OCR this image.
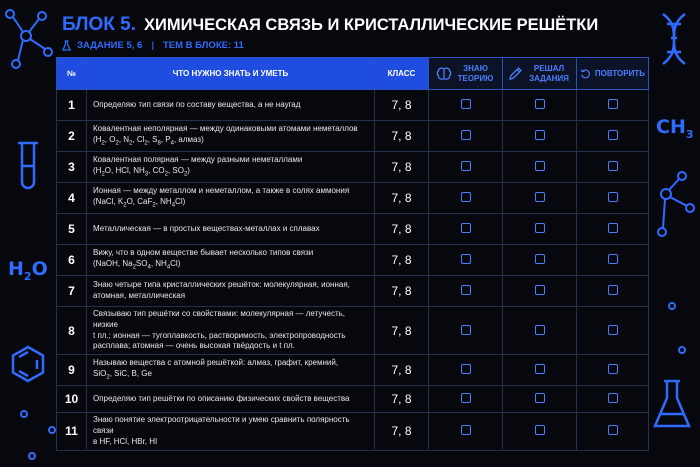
$H_2O$
$CH_3$
БЛОК 5. ХИМИЧЕСКАЯ СВЯЗЬ И КРИСТАЛЛИЧЕСКИЕ РЕШЁТКИ
ЗАДАНИЕ 5, 6 | ТЕМ В БЛОКЕ: 11
№	ЧТО НУЖНО ЗНАТЬ И УМЕТЬ	КЛАСС	ЗНАЮ ТЕОРИЮ	РЕШАЛ ЗАДАНИЯ	ПОВТОРИТЬ

1	Определяю тип связи по составу вещества, а не наугад	7, 8			
2	Ковалентная неполярная — между одинаковыми атомами неметаллов
($H_2$, $O_2$, $N_2$, $Cl_2$, $S_8$, $P_4$, алмаз)	7, 8			
3	Ковалентная полярная — между разными неметаллами
($H_2O$, HCl, $NH_3$, $CO_2$, $SO_2$)	7, 8			
4	Ионная — между металлом и неметаллом, а также в солях аммония
(NaCl, $K_2O$, CaF$_2$, $NH_4Cl$)	7, 8			
5	Металлическая — в простых веществах-металлах и сплавах	7, 8			
6	Вижу, что в одном веществе бывает несколько типов связи
(NaOH, $Na_2SO_4$, $NH_4Cl$)	7, 8			
7	Знаю четыре типа кристаллических решёток: молекулярная, ионная,
атомная, металлическая	7, 8			
8	Связываю тип решётки со свойствами: молекулярная — летучесть, низкие
t пл.; ионная — тугоплавкость, растворимость, электропроводность
расплава; атомная — очень высокая твёрдость и t пл.	7, 8			
9	Называю вещества с атомной решёткой: алмаз, графит, кремний,
SiO$_2$, SiC, B, Ge	7, 8			
10	Определяю тип решётки по описанию физических свойств вещества	7, 8			
11	Знаю понятие электроотрицательности и умею сравнить полярность связи
в HF, HCl, HBr, HI	7, 8			
